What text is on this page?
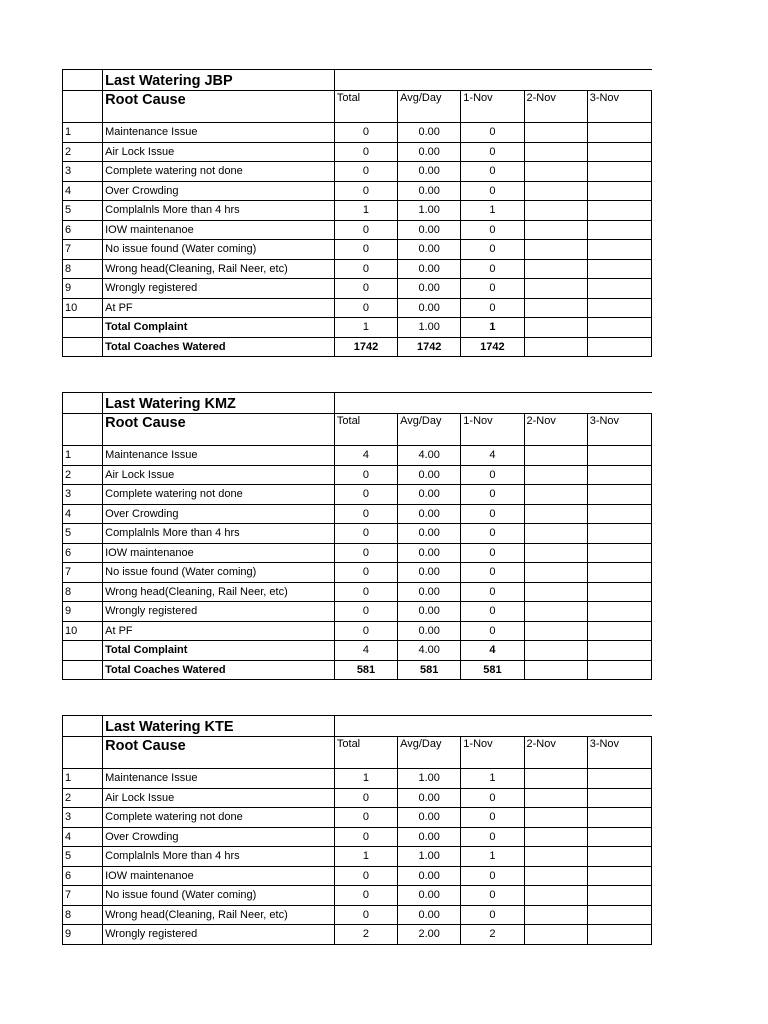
	Last Watering JBP					
	Root Cause	Total	Avg/Day	1-Nov	2-Nov	3-Nov
1	Maintenance Issue	0	0.00	0		
2	Air Lock Issue	0	0.00	0		
3	Complete watering not done	0	0.00	0		
4	Over Crowding	0	0.00	0		
5	Complalnls More than 4 hrs	1	1.00	1		
6	IOW maintenanoe	0	0.00	0		
7	No issue found (Water coming)	0	0.00	0		
8	Wrong head(Cleaning, Rail Neer, etc)	0	0.00	0		
9	Wrongly registered	0	0.00	0		
10	At PF	0	0.00	0		
	Total Complaint	1	1.00	1		
	Total Coaches Watered	1742	1742	1742		
	Last Watering KMZ					
	Root Cause	Total	Avg/Day	1-Nov	2-Nov	3-Nov
1	Maintenance Issue	4	4.00	4		
2	Air Lock Issue	0	0.00	0		
3	Complete watering not done	0	0.00	0		
4	Over Crowding	0	0.00	0		
5	Complalnls More than 4 hrs	0	0.00	0		
6	IOW maintenanoe	0	0.00	0		
7	No issue found (Water coming)	0	0.00	0		
8	Wrong head(Cleaning, Rail Neer, etc)	0	0.00	0		
9	Wrongly registered	0	0.00	0		
10	At PF	0	0.00	0		
	Total Complaint	4	4.00	4		
	Total Coaches Watered	581	581	581		
	Last Watering KTE					
	Root Cause	Total	Avg/Day	1-Nov	2-Nov	3-Nov
1	Maintenance Issue	1	1.00	1		
2	Air Lock Issue	0	0.00	0		
3	Complete watering not done	0	0.00	0		
4	Over Crowding	0	0.00	0		
5	Complalnls More than 4 hrs	1	1.00	1		
6	IOW maintenanoe	0	0.00	0		
7	No issue found (Water coming)	0	0.00	0		
8	Wrong head(Cleaning, Rail Neer, etc)	0	0.00	0		
9	Wrongly registered	2	2.00	2		
